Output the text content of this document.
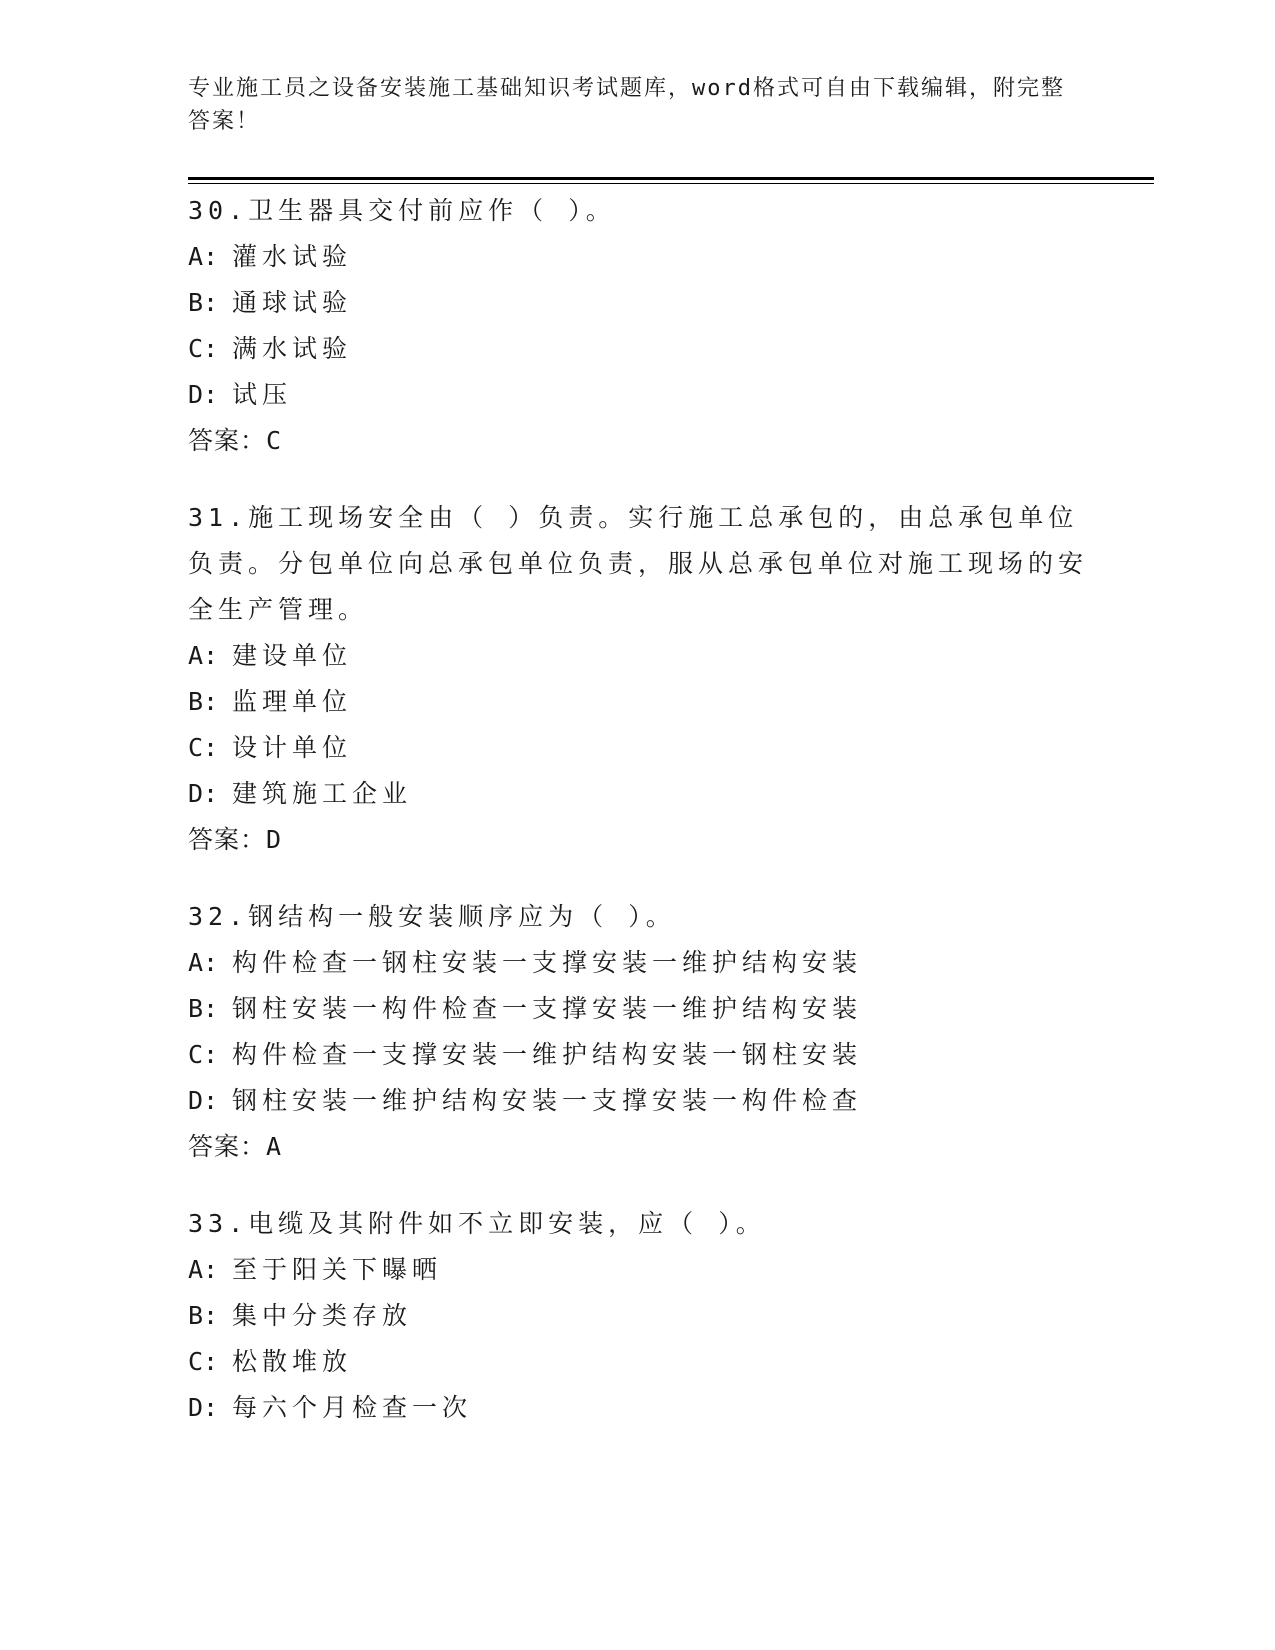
专业施工员之设备安装施工基础知识考试题库，word格式可自由下载编辑，附完整答案！

30.卫生器具交付前应作（ ）。

A: 灌水试验

B: 通球试验

C: 满水试验

D: 试压

答案：C

31.施工现场安全由（ ）负责。实行施工总承包的，由总承包单位负责。分包单位向总承包单位负责，服从总承包单位对施工现场的安全生产管理。

A: 建设单位

B: 监理单位

C: 设计单位

D: 建筑施工企业

答案：D

32.钢结构一般安装顺序应为（ ）。

A: 构件检查一钢柱安装一支撑安装一维护结构安装

B: 钢柱安装一构件检查一支撑安装一维护结构安装

C: 构件检查一支撑安装一维护结构安装一钢柱安装

D: 钢柱安装一维护结构安装一支撑安装一构件检查

答案：A

33.电缆及其附件如不立即安装，应（ ）。

A: 至于阳关下曝晒

B: 集中分类存放

C: 松散堆放

D: 每六个月检查一次
